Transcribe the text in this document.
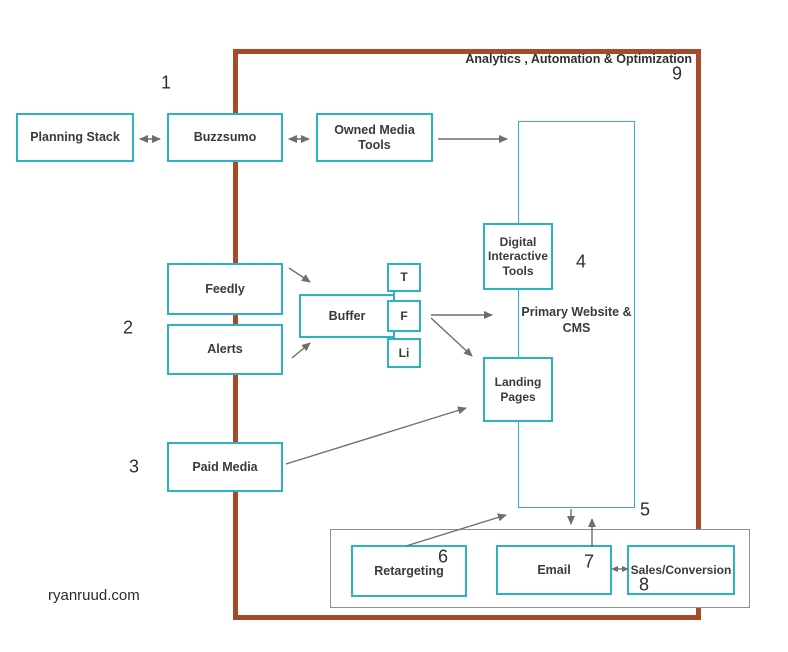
Primary Website & CMS
Planning Stack	Buzzsumo
Owned Media Tools
Feedly
Alerts
Buffer
T
F
Li
Digital Interactive Tools
Landing Pages
Paid Media
Retargeting	Email	Sales/Conversion
1
2
3
4
5
6	7
8
9
Analytics , Automation & Optimization
ryanruud.com
